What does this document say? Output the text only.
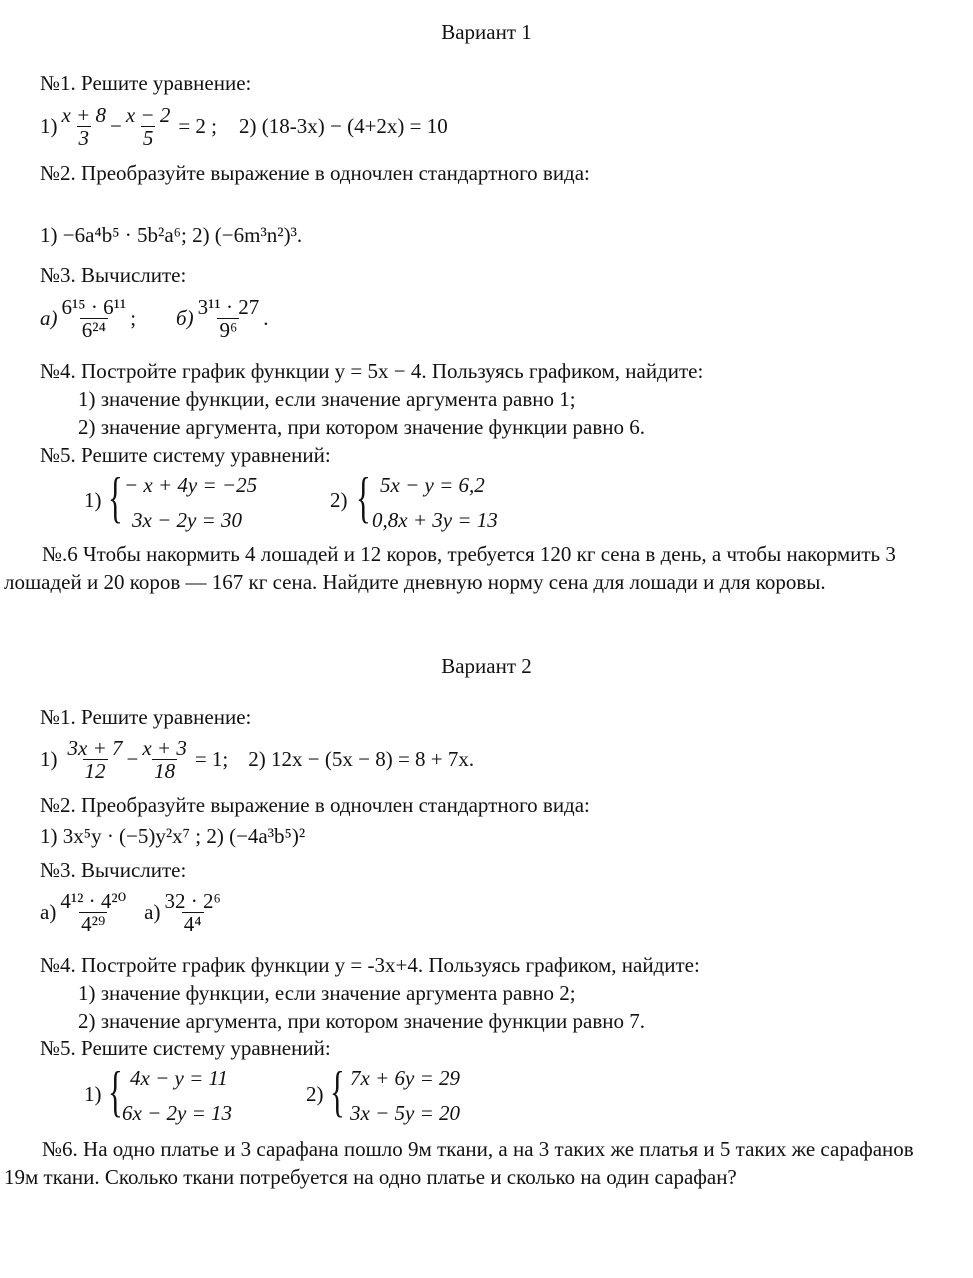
Вариант 1
№1. Решите уравнение:
$1) \frac{x + 8}{3} - \frac{x - 2}{5} = 2$ ; 2) (18-3x) − (4+2x) = 10
№2. Преобразуйте выражение в одночлен стандартного вида:
1) −6a⁴b⁵ · 5b²a⁶; 2) (−6m³n²)³.
№3. Вычислите:
$а) \frac{\text{6¹⁵ · 6¹¹}}{\text{6²⁴}}$ ; $б) \frac{\text{3¹¹ · 27}}{\text{9⁶}}$ .
№4. Постройте график функции y = 5x − 4. Пользуясь графиком, найдите:
1) значение функции, если значение аргумента равно 1;
2) значение аргумента, при котором значение функции равно 6.
№5. Решите систему уравнений:
1) { − x + 4y = −25
3x − 2y = 30
2) { 5x − y = 6,2
0,8x + 3y = 13
№.6 Чтобы накормить 4 лошадей и 12 коров, требуется 120 кг сена в день, а чтобы накормить 3 лошадей и 20 коров — 167 кг сена. Найдите дневную норму сена для лошади и для коровы.
Вариант 2
№1. Решите уравнение:
$1) \frac{3x + 7}{12} - \frac{x + 3}{18} = 1$; 2) 12x − (5x − 8) = 8 + 7x.
№2. Преобразуйте выражение в одночлен стандартного вида:
1) 3x⁵y · (−5)y²x⁷ ; 2) (−4a³b⁵)²
№3. Вычислите:
$а) \frac{\text{4¹² · 4²⁰}}{\text{4²⁹}} а) \frac{\text{32 · 2⁶}}{\text{4⁴}}$
№4. Постройте график функции y = -3x+4. Пользуясь графиком, найдите:
1) значение функции, если значение аргумента равно 2;
2) значение аргумента, при котором значение функции равно 7.
№5. Решите систему уравнений:
1) { 4x − y = 11
6x − 2y = 13
2) { 7x + 6y = 29
3x − 5y = 20
№6. На одно платье и 3 сарафана пошло 9м ткани, а на 3 таких же платья и 5 таких же сарафанов 19м ткани. Сколько ткани потребуется на одно платье и сколько на один сарафан?
